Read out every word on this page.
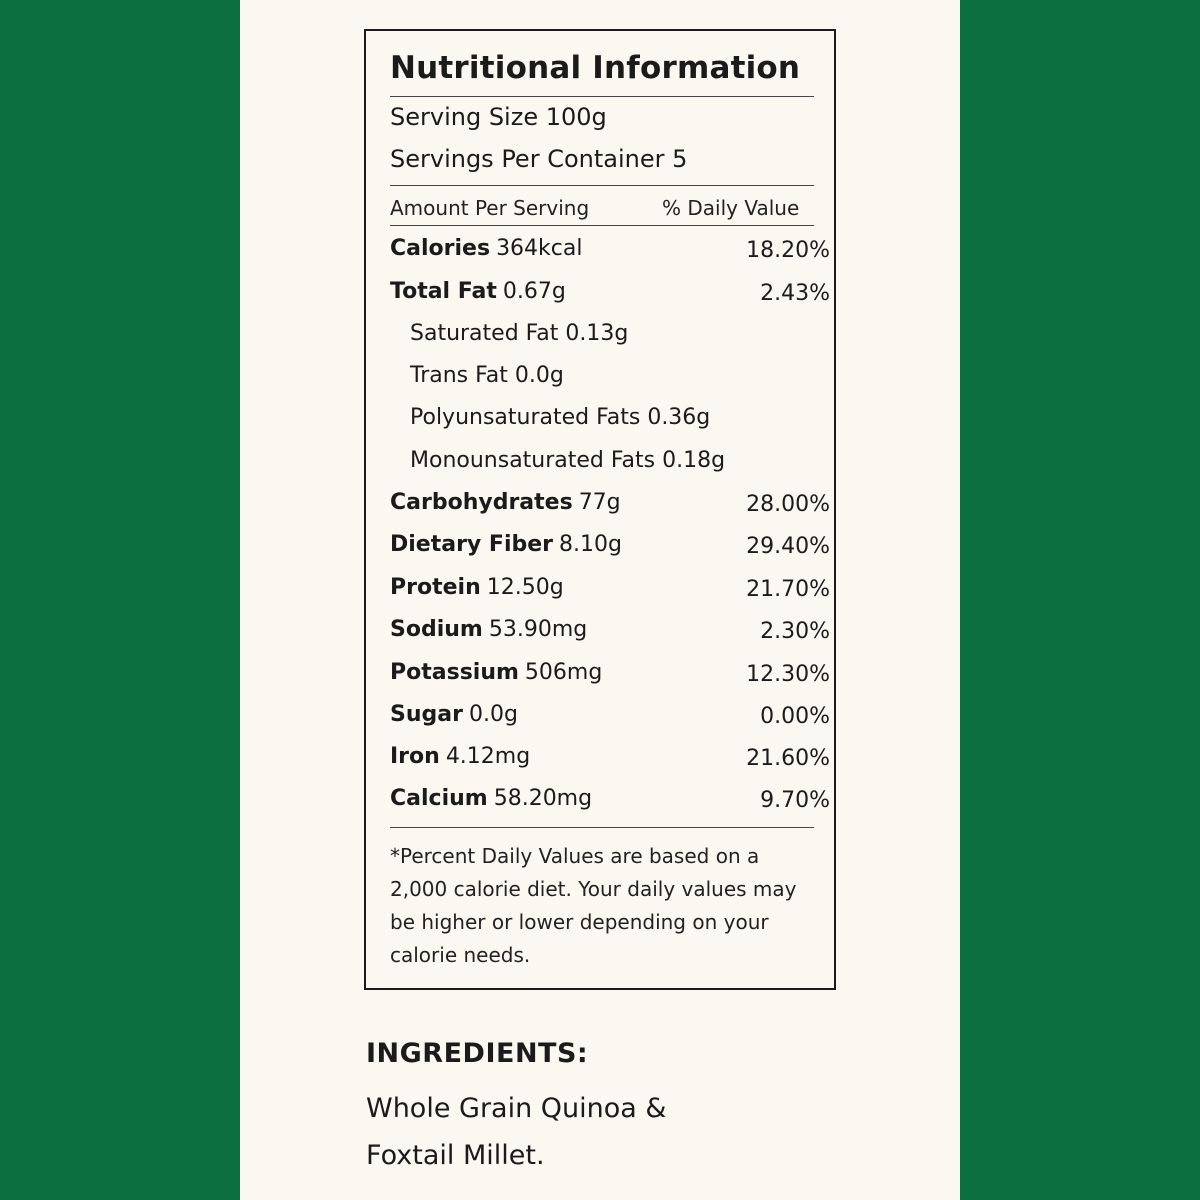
Nutritional Information
Serving Size 100g
Servings Per Container 5
Amount Per Serving	% Daily Value
Calories 364kcal	18.20%
Total Fat 0.67g	2.43%
Saturated Fat 0.13g
Trans Fat 0.0g
Polyunsaturated Fats 0.36g
Monounsaturated Fats 0.18g
Carbohydrates 77g	28.00%
Dietary Fiber 8.10g	29.40%
Protein 12.50g	21.70%
Sodium 53.90mg	2.30%
Potassium 506mg	12.30%
Sugar 0.0g	0.00%
Iron 4.12mg	21.60%
Calcium 58.20mg	9.70%
*Percent Daily Values are based on a 2,000 calorie diet. Your daily values may be higher or lower depending on your calorie needs.
INGREDIENTS:
Whole Grain Quinoa & Foxtail Millet.
